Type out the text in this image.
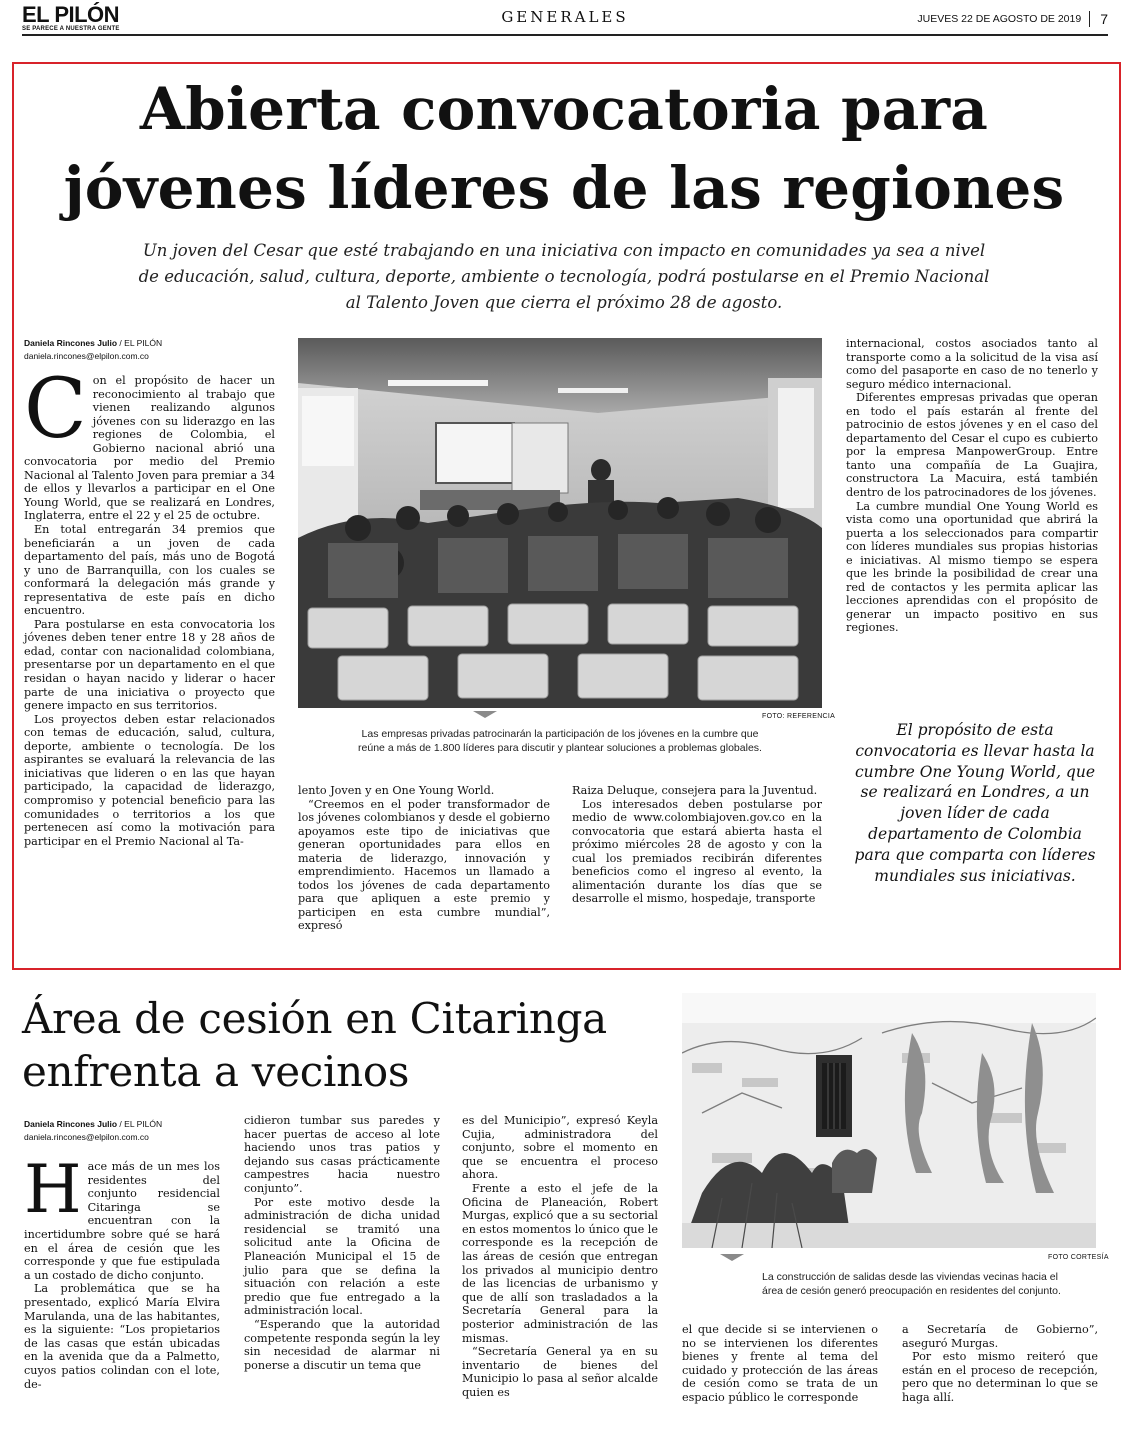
EL PILÓN
SE PARECE A NUESTRA GENTE
GENERALES	JUEVES 22 DE AGOSTO DE 2019 7
Abierta convocatoria para
jóvenes líderes de las regiones
Un joven del Cesar que esté trabajando en una iniciativa con impacto en comunidades ya sea a nivel
de educación, salud, cultura, deporte, ambiente o tecnología, podrá postularse en el Premio Nacional
al Talento Joven que cierra el próximo 28 de agosto.
Daniela Rincones Julio / EL PILÓN
daniela.rincones@elpilon.com.co

Con el propósito de hacer un reconocimiento al trabajo que vienen realizando algunos jóvenes con su liderazgo en las regiones de Colombia, el Gobierno nacional abrió una convocatoria por medio del Premio Nacional al Talento Joven para premiar a 34 de ellos y llevarlos a participar en el One Young World, que se realizará en Londres, Inglaterra, entre el 22 y el 25 de octubre.

En total entregarán 34 premios que beneficiarán a un joven de cada departamento del país, más uno de Bogotá y uno de Barranquilla, con los cuales se conformará la delegación más grande y representativa de este país en dicho encuentro.

Para postularse en esta convocatoria los jóvenes deben tener entre 18 y 28 años de edad, contar con nacionalidad colombiana, presentarse por un departamento en el que residan o hayan nacido y liderar o hacer parte de una iniciativa o proyecto que genere impacto en sus territorios.

Los proyectos deben estar relacionados con temas de educación, salud, cultura, deporte, ambiente o tecnología. De los aspirantes se evaluará la relevancia de las iniciativas que lideren o en las que hayan participado, la capacidad de liderazgo, compromiso y potencial beneficio para las comunidades o territorios a los que pertenecen así como la motivación para participar en el Premio Nacional al Ta-

FOTO: REFERENCIA
Las empresas privadas patrocinarán la participación de los jóvenes en la cumbre que
reúne a más de 1.800 líderes para discutir y plantear soluciones a problemas globales.

lento Joven y en One Young World.

“Creemos en el poder transformador de los jóvenes colombianos y desde el gobierno apoyamos este tipo de iniciativas que generan oportunidades para ellos en materia de liderazgo, innovación y emprendimiento. Hacemos un llamado a todos los jóvenes de cada departamento para que apliquen a este premio y participen en esta cumbre mundial”, expresó

Raiza Deluque, consejera para la Juventud.

Los interesados deben postularse por medio de www.colombiajoven.gov.co en la convocatoria que estará abierta hasta el próximo miércoles 28 de agosto y con la cual los premiados recibirán diferentes beneficios como el ingreso al evento, la alimentación durante los días que se desarrolle el mismo, hospedaje, transporte

internacional, costos asociados tanto al transporte como a la solicitud de la visa así como del pasaporte en caso de no tenerlo y seguro médico internacional.

Diferentes empresas privadas que operan en todo el país estarán al frente del patrocinio de estos jóvenes y en el caso del departamento del Cesar el cupo es cubierto por la empresa ManpowerGroup. Entre tanto una compañía de La Guajira, constructora La Macuira, está también dentro de los patrocinadores de los jóvenes.

La cumbre mundial One Young World es vista como una oportunidad que abrirá la puerta a los seleccionados para compartir con líderes mundiales sus propias historias e iniciativas. Al mismo tiempo se espera que les brinde la posibilidad de crear una red de contactos y les permita aplicar las lecciones aprendidas con el propósito de generar un impacto positivo en sus regiones.

El propósito de esta convocatoria es llevar hasta la cumbre One Young World, que se realizará en Londres, a un joven líder de cada departamento de Colombia para que comparta con líderes mundiales sus iniciativas.
Área de cesión en Citaringa
enfrenta a vecinos
Daniela Rincones Julio / EL PILÓN
daniela.rincones@elpilon.com.co

Hace más de un mes los residentes del conjunto residencial Citaringa se encuentran con la incertidumbre sobre qué se hará en el área de cesión que les corresponde y que fue estipulada a un costado de dicho conjunto.

La problemática que se ha presentado, explicó María Elvira Marulanda, una de las habitantes, es la siguiente: “Los propietarios de las casas que están ubicadas en la avenida que da a Palmetto, cuyos patios colindan con el lote, de-

cidieron tumbar sus paredes y hacer puertas de acceso al lote haciendo unos tras patios y dejando sus casas prácticamente campestres hacia nuestro conjunto”.

Por este motivo desde la administración de dicha unidad residencial se tramitó una solicitud ante la Oficina de Planeación Municipal el 15 de julio para que se defina la situación con relación a este predio que fue entregado a la administración local.

“Esperando que la autoridad competente responda según la ley sin necesidad de alarmar ni ponerse a discutir un tema que

es del Municipio”, expresó Keyla Cujia, administradora del conjunto, sobre el momento en que se encuentra el proceso ahora.

Frente a esto el jefe de la Oficina de Planeación, Robert Murgas, explicó que a su sectorial en estos momentos lo único que le corresponde es la recepción de las áreas de cesión que entregan los privados al municipio dentro de las licencias de urbanismo y que de allí son trasladados a la Secretaría General para la posterior administración de las mismas.

“Secretaría General ya en su inventario de bienes del Municipio lo pasa al señor alcalde quien es

FOTO CORTESÍA
La construcción de salidas desde las viviendas vecinas hacia el
área de cesión generó preocupación en residentes del conjunto.

el que decide si se intervienen o no se intervienen los diferentes bienes y frente al tema del cuidado y protección de las áreas de cesión como se trata de un espacio público le corresponde

a Secretaría de Gobierno”, aseguró Murgas.

Por esto mismo reiteró que están en el proceso de recepción, pero que no determinan lo que se haga allí.
